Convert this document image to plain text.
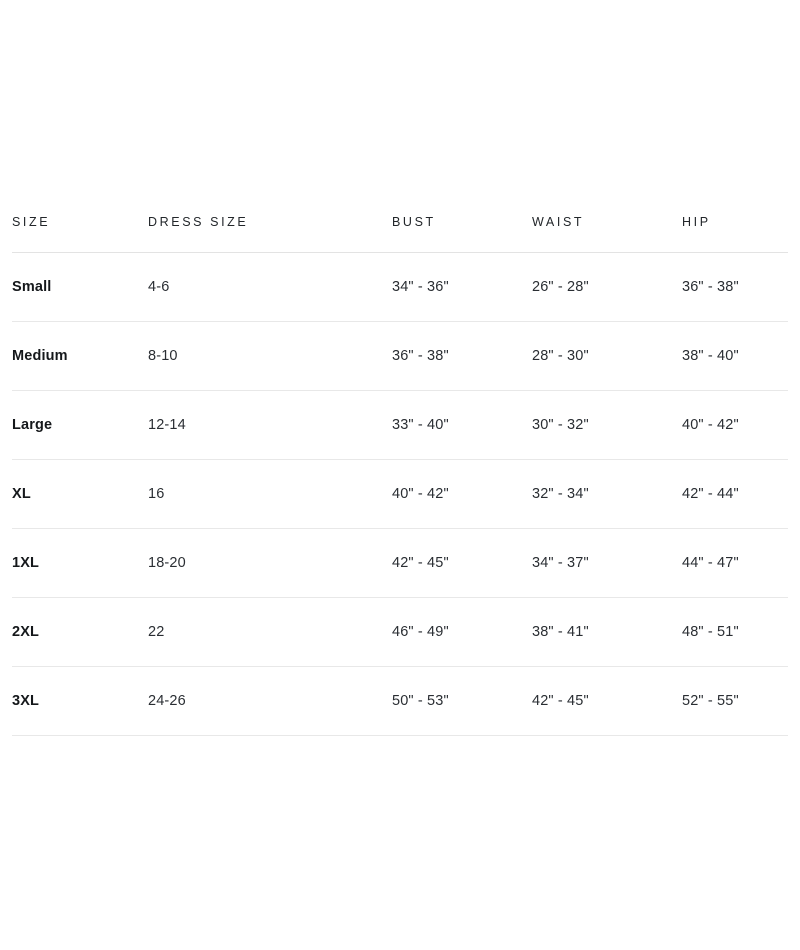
SIZE	DRESS SIZE	BUST	WAIST	HIP
Small	4-6	34" - 36"	26" - 28"	36" - 38"
Medium	8-10	36" - 38"	28" - 30"	38" - 40"
Large	12-14	33" - 40"	30" - 32"	40" - 42"
XL	16	40" - 42"	32" - 34"	42" - 44"
1XL	18-20	42" - 45"	34" - 37"	44" - 47"
2XL	22	46" - 49"	38" - 41"	48" - 51"
3XL	24-26	50" - 53"	42" - 45"	52" - 55"
